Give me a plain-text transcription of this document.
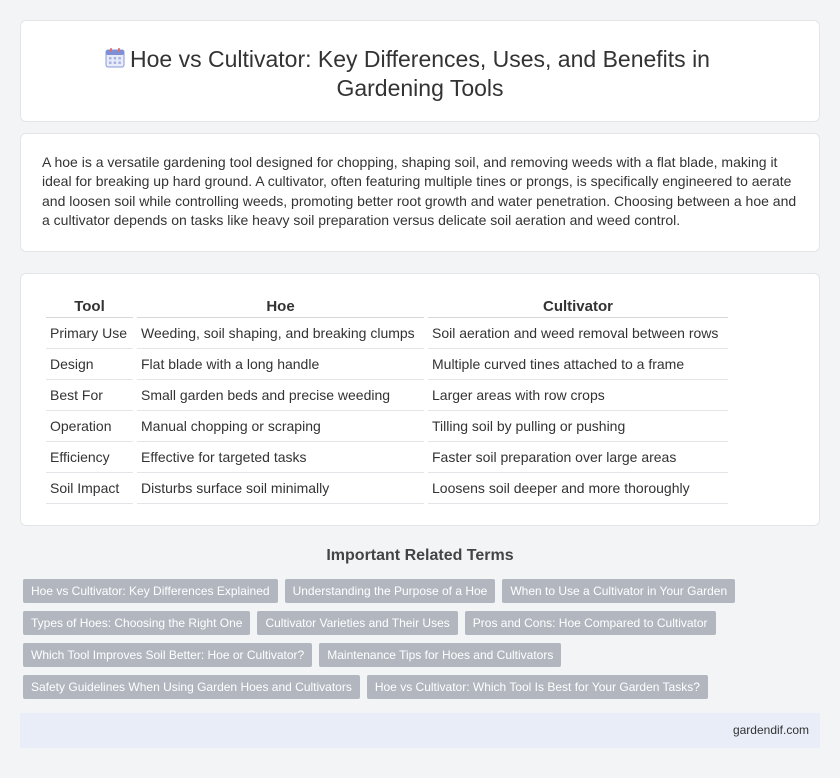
Hoe vs Cultivator: Key Differences, Uses, and Benefits in Gardening Tools

A hoe is a versatile gardening tool designed for chopping, shaping soil, and removing weeds with a flat blade, making it ideal for breaking up hard ground. A cultivator, often featuring multiple tines or prongs, is specifically engineered to aerate and loosen soil while controlling weeds, promoting better root growth and water penetration. Choosing between a hoe and a cultivator depends on tasks like heavy soil preparation versus delicate soil aeration and weed control.

Tool	Hoe	Cultivator
Primary Use	Weeding, soil shaping, and breaking clumps	Soil aeration and weed removal between rows
Design	Flat blade with a long handle	Multiple curved tines attached to a frame
Best For	Small garden beds and precise weeding	Larger areas with row crops
Operation	Manual chopping or scraping	Tilling soil by pulling or pushing
Efficiency	Effective for targeted tasks	Faster soil preparation over large areas
Soil Impact	Disturbs surface soil minimally	Loosens soil deeper and more thoroughly
Important Related Terms
Hoe vs Cultivator: Key Differences Explained	Understanding the Purpose of a Hoe	When to Use a Cultivator in Your Garden
Types of Hoes: Choosing the Right One	Cultivator Varieties and Their Uses	Pros and Cons: Hoe Compared to Cultivator
Which Tool Improves Soil Better: Hoe or Cultivator?	Maintenance Tips for Hoes and Cultivators
Safety Guidelines When Using Garden Hoes and Cultivators	Hoe vs Cultivator: Which Tool Is Best for Your Garden Tasks?
gardendif.com
